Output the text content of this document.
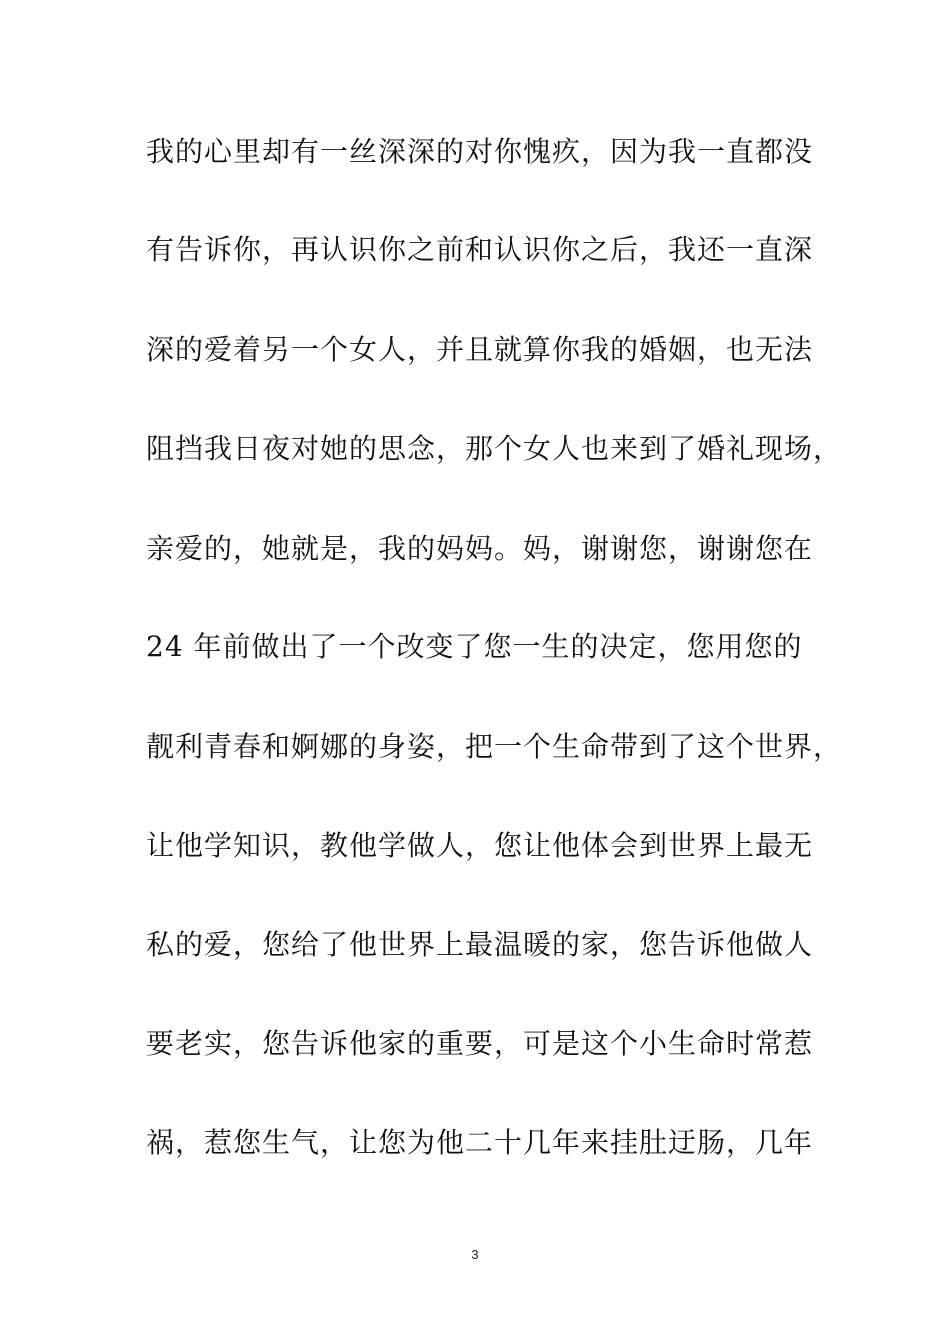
我的心里却有一丝深深的对你愧疚，因为我一直都没
有告诉你，再认识你之前和认识你之后，我还一直深
深的爱着另一个女人，并且就算你我的婚姻，也无法
阻挡我日夜对她的思念，那个女人也来到了婚礼现场，
亲爱的，她就是，我的妈妈。妈，谢谢您，谢谢您在
24 年前做出了一个改变了您一生的决定，您用您的
靓利青春和婀娜的身姿，把一个生命带到了这个世界，
让他学知识，教他学做人，您让他体会到世界上最无
私的爱，您给了他世界上最温暖的家，您告诉他做人
要老实，您告诉他家的重要，可是这个小生命时常惹
祸，惹您生气，让您为他二十几年来挂肚迂肠，几年
3
